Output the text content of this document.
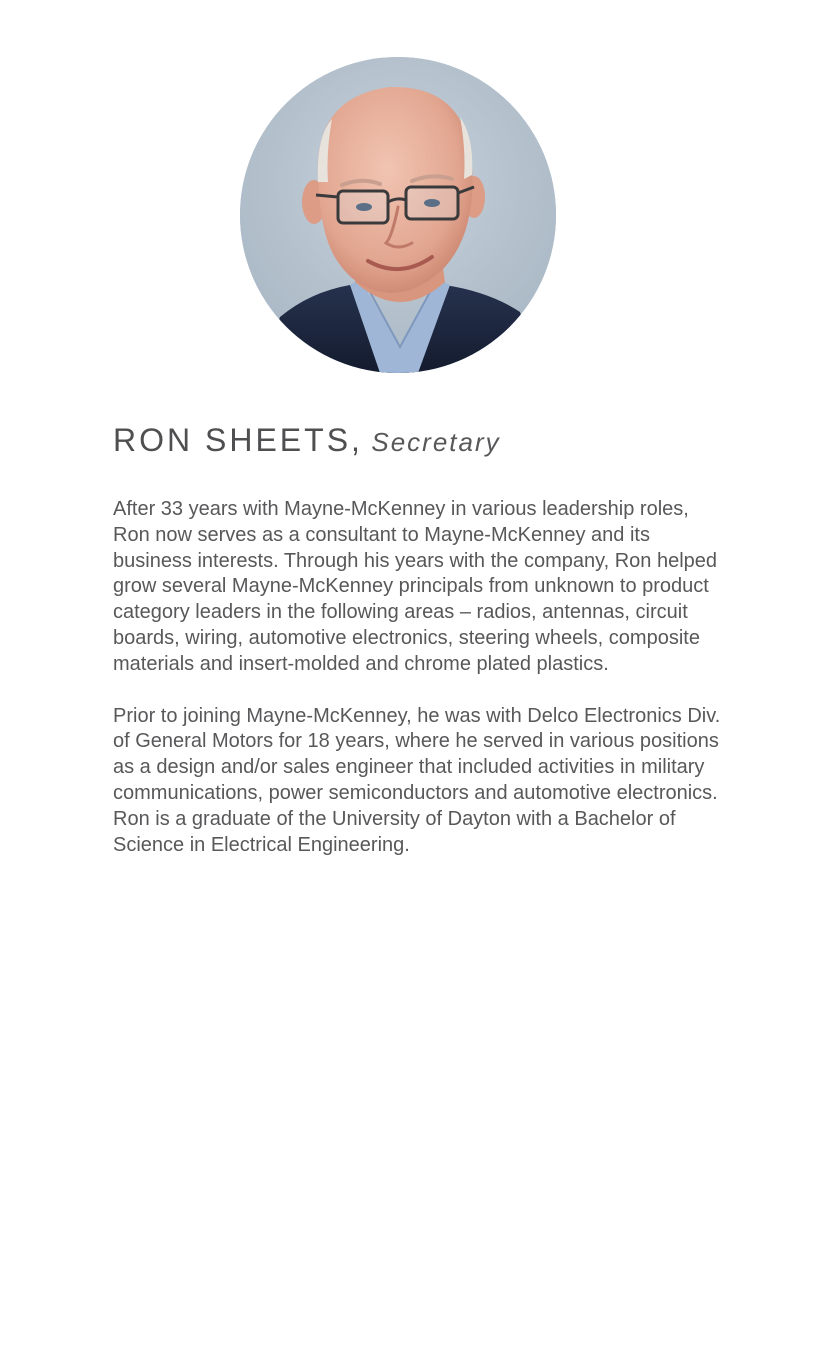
RON SHEETS, Secretary

After 33 years with Mayne-McKenney in various leadership roles, Ron now serves as a consultant to Mayne-McKenney and its business interests. Through his years with the company, Ron helped grow several Mayne-McKenney principals from unknown to product category leaders in the following areas – radios, antennas, circuit boards, wiring, automotive electronics, steering wheels, composite materials and insert-molded and chrome plated plastics.

Prior to joining Mayne-McKenney, he was with Delco Electronics Div. of General Motors for 18 years, where he served in various positions as a design and/or sales engineer that included activities in military communications, power semiconductors and automotive electronics. Ron is a graduate of the University of Dayton with a Bachelor of Science in Electrical Engineering.
